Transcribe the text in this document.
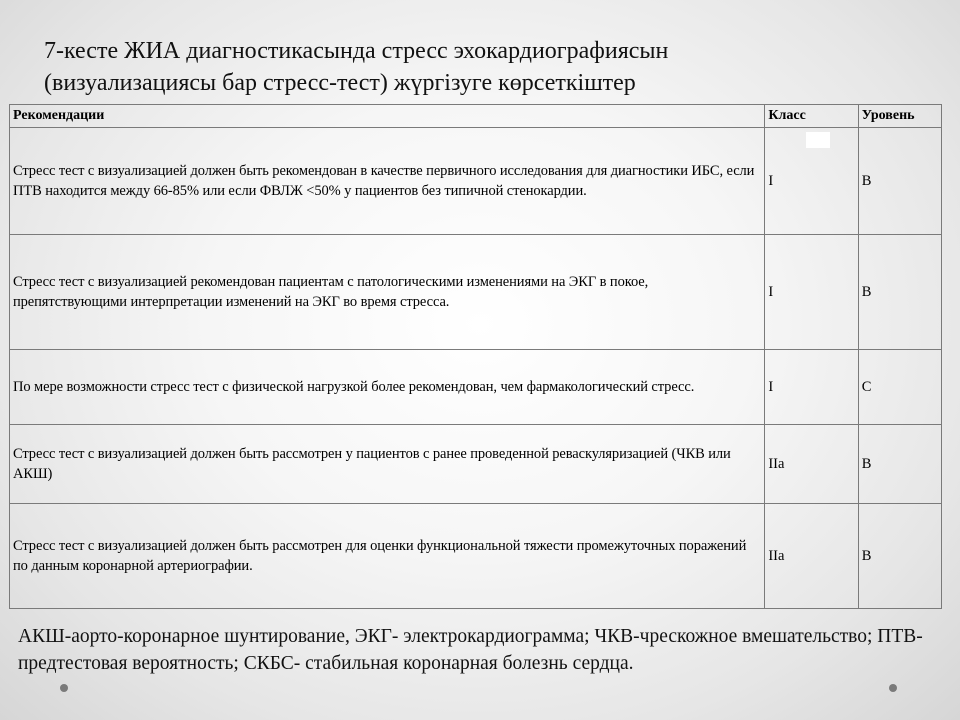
7-кесте ЖИА диагностикасында стресс эхокардиографиясын
(визуализациясы бар стресс-тест) жүргізуге көрсеткіштер
Рекомендации	Класс	Уровень
Стресс тест с визуализацией должен быть рекомендован в качестве первичного исследования для диагностики ИБС, если ПТВ находится между 66-85% или если ФВЛЖ <50% у пациентов без типичной стенокардии.	I	B
Стресс тест с визуализацией рекомендован пациентам с патологическими изменениями на ЭКГ в покое, препятствующими интерпретации изменений на ЭКГ во время стресса.	I	B
По мере возможности стресс тест с физической нагрузкой более рекомендован, чем фармакологический стресс.	I	C
Стресс тест с визуализацией должен быть рассмотрен у пациентов с ранее проведенной реваскуляризацией (ЧКВ или АКШ)	IIa	B
Стресс тест с визуализацией должен быть рассмотрен для оценки функциональной тяжести промежуточных поражений по данным коронарной артериографии.	IIa	B
АКШ-аорто-коронарное шунтирование, ЭКГ- электрокардиограмма; ЧКВ-чрескожное вмешательство; ПТВ- предтестовая вероятность; СКБС- стабильная коронарная болезнь сердца.
